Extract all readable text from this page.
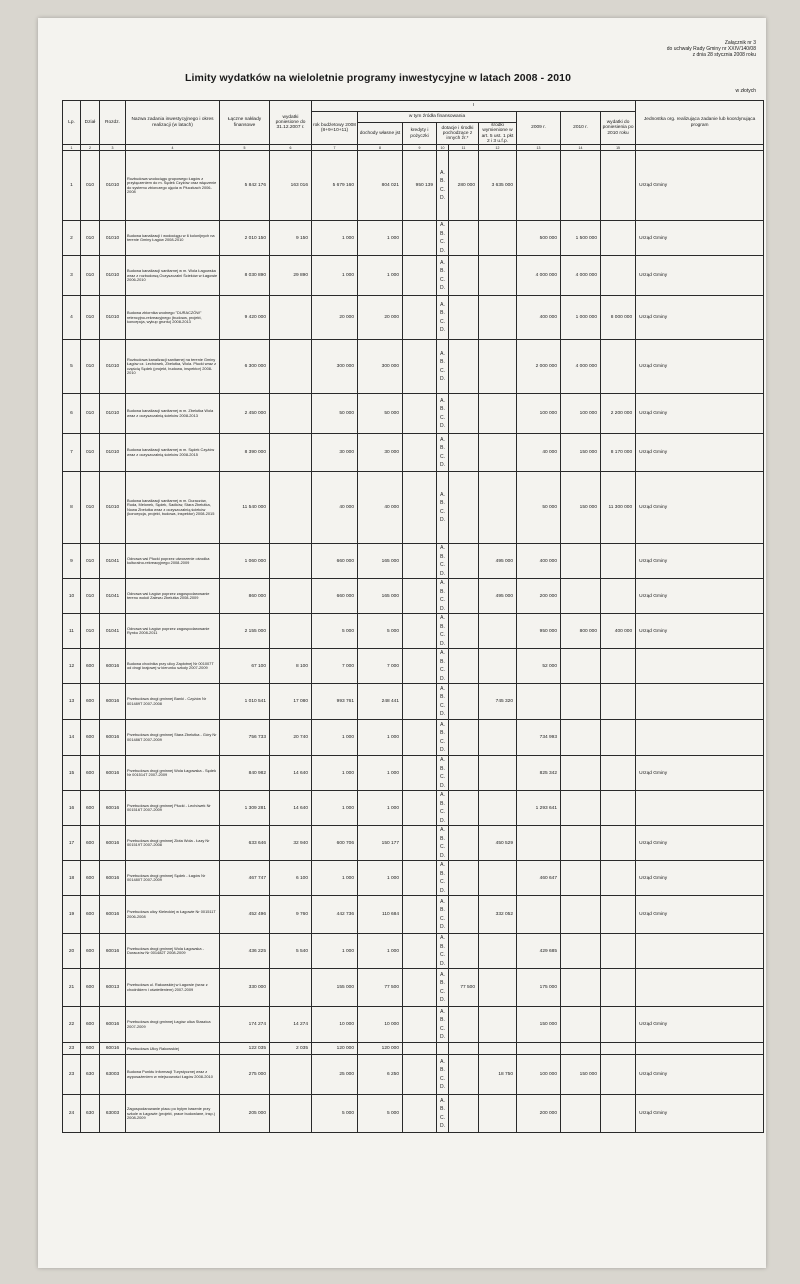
Załącznik nr 3
do uchwały Rady Gminy nr XXIV/140/08
z dnia 28 stycznia 2008 roku
Limity wydatków na wieloletnie programy inwestycyjne w latach 2008 - 2010
w złotych
Lp.	Dział	Rozdz.	Nazwa zadania inwestycyjnego i okres realizacji (w latach)	Łączne nakłady finansowe	wydatki poniesione do 31.12.2007 r.	I									Jednostka org. realizująca zadanie lub koordynująca program
						rok budżetowy 2008 (8+9+10+11)	w tym źródła finansowania					2009 r.	2010 r.	wydatki do poniesienia po 2010 roku	
							dochody własne jst	kredyty i pożyczki	dotacje i środki pochodzące z innych źr.*		środki wymienione w art. 5 ust. 1 pkt 2 i 3 u.f.p.				
1	2	3	4	5	6	7	8	9	10	11	12	13	14	15	
1	010	01010	Rozbudowa wodociągu grupowego Łagów z przyłączeniem do m. Sędek Czyżów oraz włączenie do systemu zbiorczego ujęcia w Płuczkach 2006-2008	5 842 176	163 016	5 679 160	804 021	950 139	A.
B.
C.
D.	280 000	3 635 000				Urząd Gminy
2	010	01010	Budowa kanalizacji i wodociągu w 6 kolonijnych na terenie Gminy Łagów 2008-2010	2 010 150	9 150	1 000	1 000		A.
B.
C.
D.			500 000	1 500 000		Urząd Gminy
3	010	01010	Budowa kanalizacji sanitarnej w m. Wola Łagowska wraz z rozbudową Oczyszczalni Ścieków w Łagowie 2006-2010	8 030 890	29 890	1 000	1 000		A.
B.
C.
D.			4 000 000	4 000 000		Urząd Gminy
4	010	01010	Budowa zbiornika wodnego "DURACZÓW" retencyjno-rekreacyjnego (budowa, projekt, koncepcja, wykup gruntu) 2008-2013	9 420 000		20 000	20 000		A.
B.
C.
D.			400 000	1 000 000	8 000 000	Urząd Gminy
5	010	01010	Rozbudowa kanalizacji sanitarnej na terenie Gminy Łagów cz. Lechówek, Zbelutka, Wola. Płucki wraz z częścią Sędek (projekt, budowa, inspektor) 2008-2010	6 300 000		300 000	300 000		A.
B.
C.
D.			2 000 000	4 000 000		Urząd Gminy
6	010	01010	Budowa kanalizacji sanitarnej w m. Zbelutka Wola wraz z oczyszczalnią ścieków 2008-2013	2 450 000		50 000	50 000		A.
B.
C.
D.			100 000	100 000	2 200 000	Urząd Gminy
7	010	01010	Budowa kanalizacji sanitarnej w m. Sędek Czyżów wraz z oczyszczalnią ścieków 2008-2015	8 390 000		30 000	30 000		A.
B.
C.
D.			40 000	150 000	8 170 000	Urząd Gminy
8	010	01010	Budowa kanalizacji sanitarnej w m. Duraczów, Ruda, Melonek, Sędek, Sadków, Stara Zbelutka, Nowa Zbelutka wraz z oczyszczalnią ścieków (koncepcja, projekt, budowa, inspektor) 2008-2015	11 540 000		40 000	40 000		A.
B.
C.
D.			50 000	150 000	11 300 000	Urząd Gminy
9	010	01041	Odnowa wsi Płucki poprzez utworzenie ośrodka kulturalno-rekreacyjnego 2008-2009	1 060 000		660 000	165 000		A.
B.
C.
D.		495 000	400 000			Urząd Gminy
10	010	01041	Odnowa wsi Łagów poprzez zagospodarowanie terenu wokół Zalewu Zbelutka 2008-2009	860 000		660 000	165 000		A.
B.
C.
D.		495 000	200 000			Urząd Gminy
11	010	01041	Odnowa wsi Łagów poprzez zagospodarowanie Rynku 2008-2011	2 155 000		5 000	5 000		A.
B.
C.
D.			950 000	800 000	400 000	Urząd Gminy
12	600	60016	Budowa chodnika przy ulicy Zapłotnej Nr 001007T od drogi krajowej w kierunku szkoły 2007-2009	67 100	8 100	7 000	7 000		A.
B.
C.
D.			52 000			
13	600	60016	Przebudowa drogi gminnej Banki - Czyżów Nr 001489T 2007-2008	1 010 541	17 080	993 761	248 441		A.
B.
C.
D.		745 320				
14	600	60016	Przebudowa drogi gminnej Stara Zbelutka - Góry Nr 001486T 2007-2009	756 733	20 740	1 000	1 000		A.
B.
C.
D.			734 993			
15	600	60016	Przebudowa drogi gminnej Wola Łagowska - Sędek Nr 001514T 2007-2009	840 982	14 640	1 000	1 000		A.
B.
C.
D.			825 342			Urząd Gminy
16	600	60016	Przebudowa drogi gminnej Płucki - Lechówek Nr 001516T 2007-2009	1 309 281	14 640	1 000	1 000		A.
B.
C.
D.			1 293 641			
17	600	60016	Przebudowa drogi gminnej Złota Wola - Łazy Nr 001519T 2007-2008	633 646	32 940	600 706	150 177		A.
B.
C.
D.		450 529				Urząd Gminy
18	600	60016	Przebudowa drogi gminnej Sędek - Łagów Nr 001480T 2007-2009	467 747	6 100	1 000	1 000		A.
B.
C.
D.			460 647			Urząd Gminy
19	600	60016	Przebudowa ulicy Kieleckiej w Łagowie Nr 001511T 2006-2008	452 496	9 760	442 736	110 684		A.
B.
C.
D.		332 052				Urząd Gminy
20	600	60016	Przebudowa drogi gminnej Wola Łagowska - Duraczów Nr 001482T 2008-2009	436 225	5 540	1 000	1 000		A.
B.
C.
D.			429 685			
21	600	60013	Przebudowa ul. Rakowskiej w Łagowie (wraz z chodnikiem i oświetleniem) 2007-2009	330 000		155 000	77 500		A.
B.
C.
D.	77 500		175 000			
22	600	60016	Przebudowa drogi gminnej Łagów ulica Staszica 2007-2009	174 274	14 274	10 000	10 000		A.
B.
C.
D.			150 000			Urząd Gminy
23	600	60016	Przebudowa Ulicy Rakowskiej	122 035	2 035	120 000	120 000								
23	630	63003	Budowa Punktu Informacji Turystycznej wraz z wyposażeniem w miejscowości Łagów 2008-2010	275 000		25 000	6 250		A.
B.
C.
D.		18 750	100 000	150 000		Urząd Gminy
24	630	63003	Zagospodarowanie placu po byłym basenie przy szkole w Łagowie (projekt, prace budowlane, insp.) 2008-2009	205 000		5 000	5 000		A.
B.
C.
D.			200 000			Urząd Gminy
